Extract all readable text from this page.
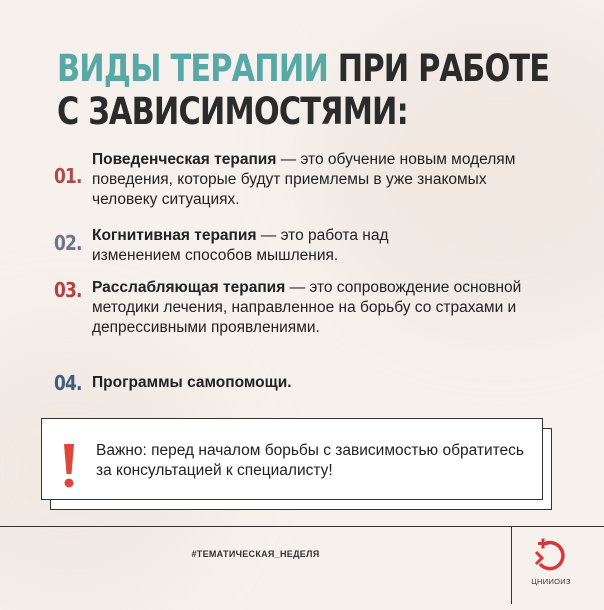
ВИДЫ ТЕРАПИИ ПРИ РАБОТЕ
С ЗАВИСИМОСТЯМИ:
01.
Поведенческая терапия — это обучение новым моделям поведения, которые будут приемлемы в уже знакомых человеку ситуациях.
02. Когнитивная терапия — это работа над изменением способов мышления.
03. Расслабляющая терапия — это сопровождение основной методики лечения, направленное на борьбу со страхами и депрессивными проявлениями.
04. Программы самопомощи.
Важно: перед началом борьбы с зависимостью обратитесь за консультацией к специалисту!
#ТЕМАТИЧЕСКАЯ_НЕДЕЛЯ
ЦНИИОИЗ
